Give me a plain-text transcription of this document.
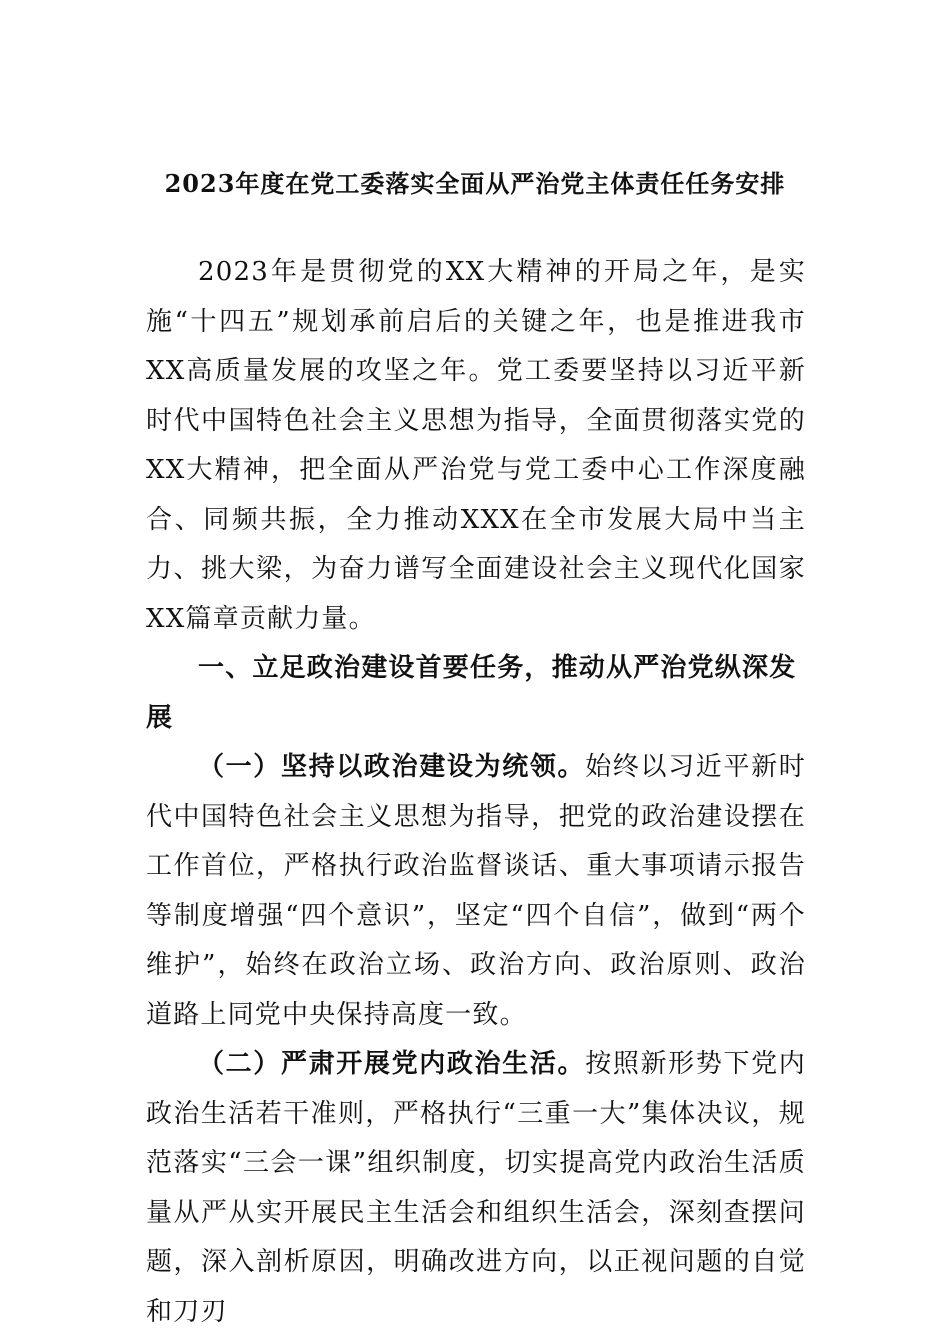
2023年度在党工委落实全面从严治党主体责任任务安排

2023年是贯彻党的XX大精神的开局之年，是实施“十四五”规划承前启后的关键之年，也是推进我市XX高质量发展的攻坚之年。党工委要坚持以习近平新时代中国特色社会主义思想为指导，全面贯彻落实党的XX大精神，把全面从严治党与党工委中心工作深度融合、同频共振，全力推动XXX在全市发展大局中当主力、挑大梁，为奋力谱写全面建设社会主义现代化国家XX篇章贡献力量。

一、立足政治建设首要任务，推动从严治党纵深发展

（一）坚持以政治建设为统领。始终以习近平新时代中国特色社会主义思想为指导，把党的政治建设摆在工作首位，严格执行政治监督谈话、重大事项请示报告等制度增强“四个意识”，坚定“四个自信”，做到“两个维护”，始终在政治立场、政治方向、政治原则、政治道路上同党中央保持高度一致。

（二）严肃开展党内政治生活。按照新形势下党内政治生活若干准则，严格执行“三重一大”集体决议，规范落实“三会一课”组织制度，切实提高党内政治生活质量从严从实开展民主生活会和组织生活会，深刻查摆问题，深入剖析原因，明确改进方向，以正视问题的自觉和刀刃
